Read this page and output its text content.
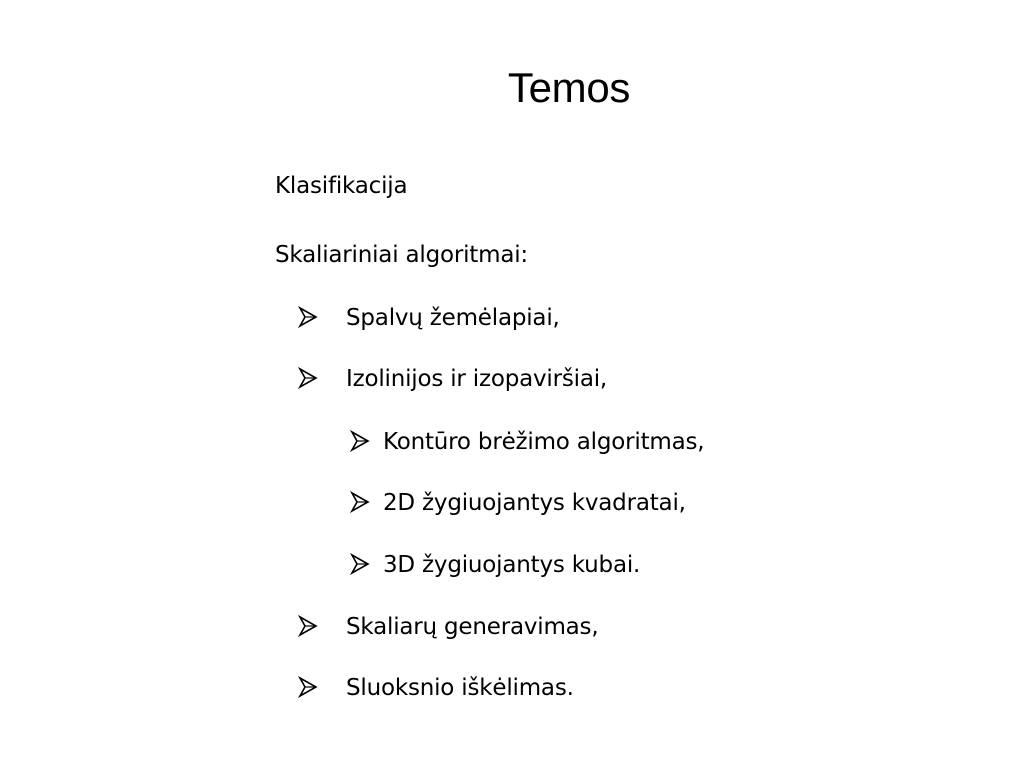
Temos
Klasifikacija
Skaliariniai algoritmai:
Spalvų žemėlapiai,
Izolinijos ir izopaviršiai,
Kontūro brėžimo algoritmas,
2D žygiuojantys kvadratai,
3D žygiuojantys kubai.
Skaliarų generavimas,
Sluoksnio iškėlimas.
